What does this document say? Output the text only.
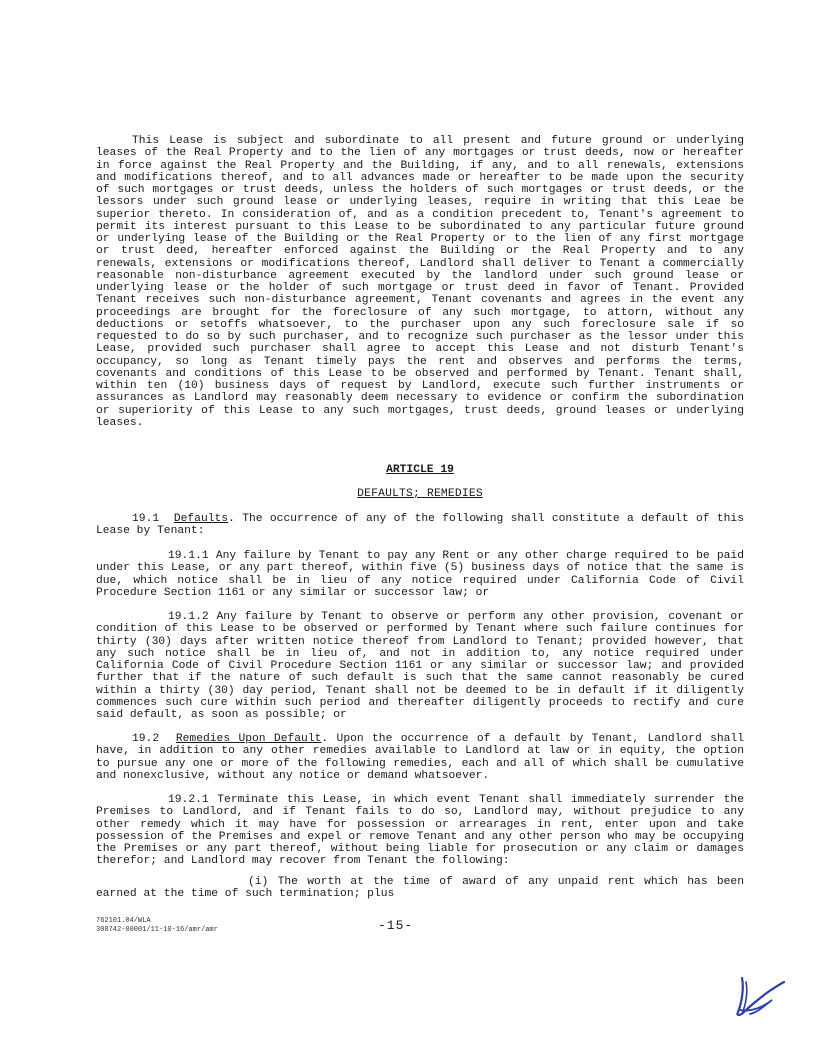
This Lease is subject and subordinate to all present and future ground or underlying leases of the Real Property and to the lien of any mortgages or trust deeds, now or hereafter in force against the Real Property and the Building, if any, and to all renewals, extensions and modifications thereof, and to all advances made or hereafter to be made upon the security of such mortgages or trust deeds, unless the holders of such mortgages or trust deeds, or the lessors under such ground lease or underlying leases, require in writing that this Leae be superior thereto. In consideration of, and as a condition precedent to, Tenant's agreement to permit its interest pursuant to this Lease to be subordinated to any particular future ground or underlying lease of the Building or the Real Property or to the lien of any first mortgage or trust deed, hereafter enforced against the Building or the Real Property and to any renewals, extensions or modifications thereof, Landlord shall deliver to Tenant a commercially reasonable non-disturbance agreement executed by the landlord under such ground lease or underlying lease or the holder of such mortgage or trust deed in favor of Tenant. Provided Tenant receives such non-disturbance agreement, Tenant covenants and agrees in the event any proceedings are brought for the foreclosure of any such mortgage, to attorn, without any deductions or setoffs whatsoever, to the purchaser upon any such foreclosure sale if so requested to do so by such purchaser, and to recognize such purchaser as the lessor under this Lease, provided such purchaser shall agree to accept this Lease and not disturb Tenant's occupancy, so long as Tenant timely pays the rent and observes and performs the terms, covenants and conditions of this Lease to be observed and performed by Tenant. Tenant shall, within ten (10) business days of request by Landlord, execute such further instruments or assurances as Landlord may reasonably deem necessary to evidence or confirm the subordination or superiority of this Lease to any such mortgages, trust deeds, ground leases or underlying leases.

ARTICLE 19
DEFAULTS; REMEDIES

19.1 Defaults. The occurrence of any of the following shall constitute a default of this Lease by Tenant:

19.1.1 Any failure by Tenant to pay any Rent or any other charge required to be paid under this Lease, or any part thereof, within five (5) business days of notice that the same is due, which notice shall be in lieu of any notice required under California Code of Civil Procedure Section 1161 or any similar or successor law; or

19.1.2 Any failure by Tenant to observe or perform any other provision, covenant or condition of this Lease to be observed or performed by Tenant where such failure continues for thirty (30) days after written notice thereof from Landlord to Tenant; provided however, that any such notice shall be in lieu of, and not in addition to, any notice required under California Code of Civil Procedure Section 1161 or any similar or successor law; and provided further that if the nature of such default is such that the same cannot reasonably be cured within a thirty (30) day period, Tenant shall not be deemed to be in default if it diligently commences such cure within such period and thereafter diligently proceeds to rectify and cure said default, as soon as possible; or

19.2 Remedies Upon Default. Upon the occurrence of a default by Tenant, Landlord shall have, in addition to any other remedies available to Landlord at law or in equity, the option to pursue any one or more of the following remedies, each and all of which shall be cumulative and nonexclusive, without any notice or demand whatsoever.

19.2.1 Terminate this Lease, in which event Tenant shall immediately surrender the Premises to Landlord, and if Tenant fails to do so, Landlord may, without prejudice to any other remedy which it may have for possession or arrearages in rent, enter upon and take possession of the Premises and expel or remove Tenant and any other person who may be occupying the Premises or any part thereof, without being liable for prosecution or any claim or damages therefor; and Landlord may recover from Tenant the following:

(i) The worth at the time of award of any unpaid rent which has been earned at the time of such termination; plus

762101.04/WLA
308742-00001/11-10-16/amr/amr	-15-
